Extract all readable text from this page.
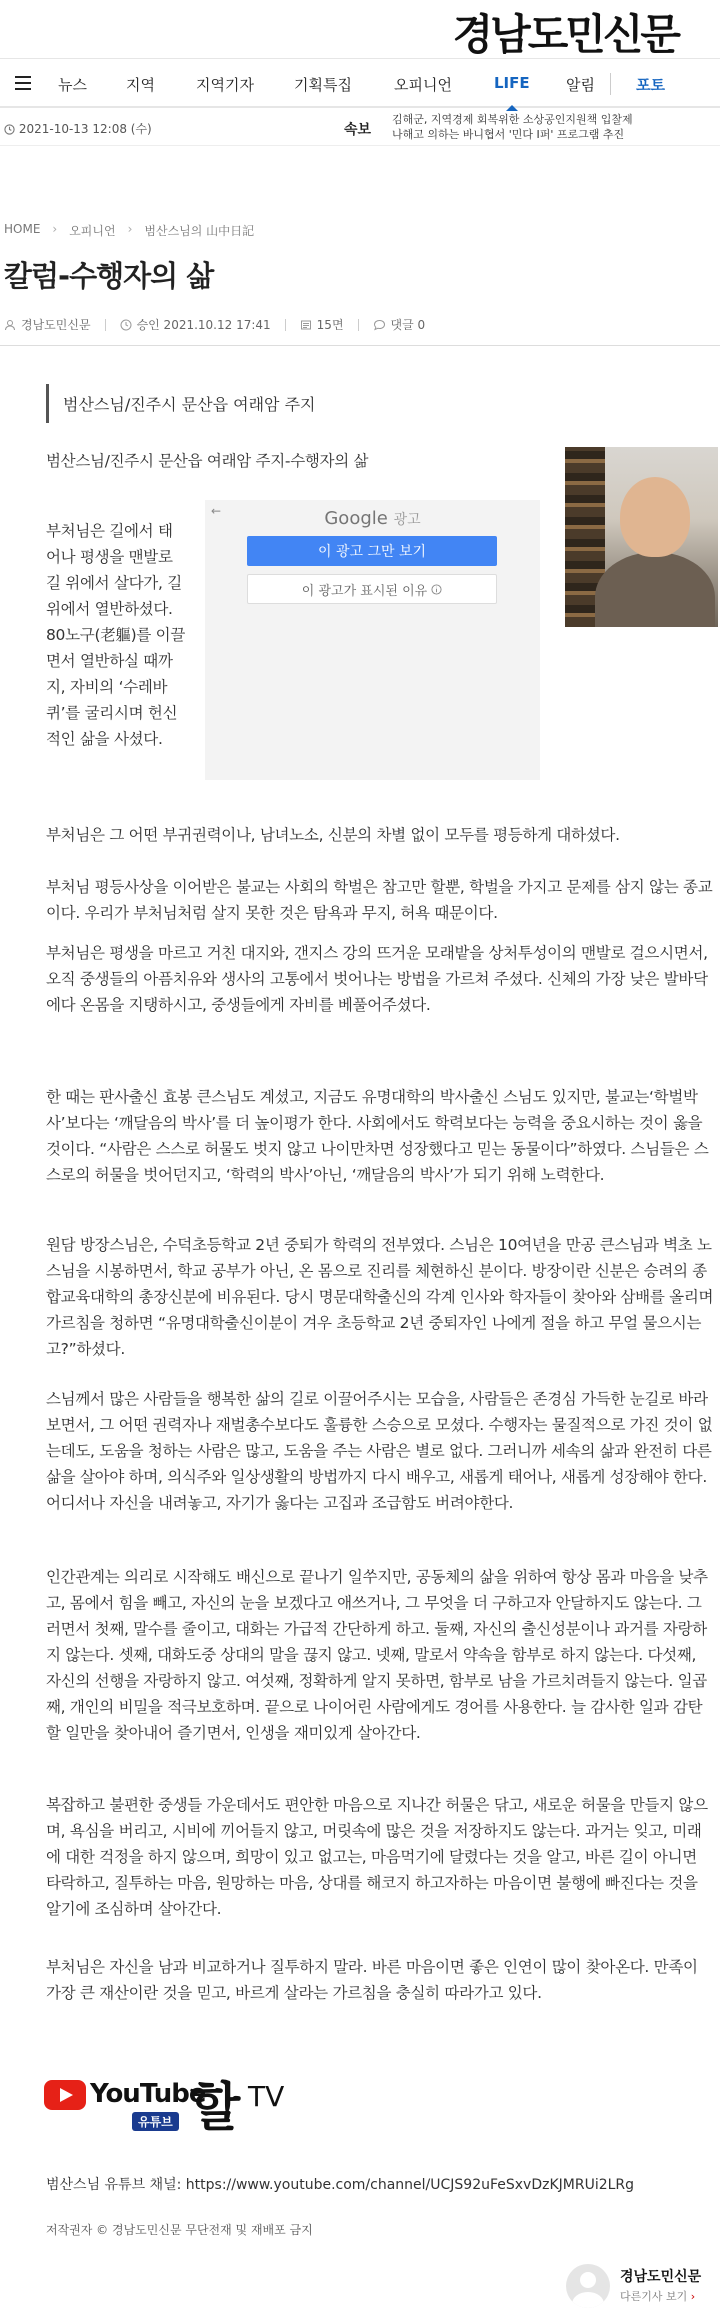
경남도민신문
뉴스	지역	지역기자	기획특집	오피니언	LIFE 알림	포토
2021-10-13 12:08 (수)	속보
김해군, 지역경제 회복위한 소상공인지원책 입찰제
나해고 의하는 바니협서 '민다 I퍼' 프로그램 추진
HOME › 오피니언 › 범산스님의 山中日記
칼럼-수행자의 삶
경남도민신문	승인 2021.10.12 17:41	15면	댓글 0
범산스님/진주시 문산읍 여래암 주지
범산스님/진주시 문산읍 여래암 주지-수행자의 삶
부처님은 길에서 태어나 평생을 맨발로 길 위에서 살다가, 길 위에서 열반하셨다. 80노구(老軀)를 이끌면서 열반하실 때까지, 자비의 ‘수레바퀴’를 굴리시며 헌신적인 삶을 사셨다.
←	Google 광고
이 광고 그만 보기
이 광고가 표시된 이유
부처님은 그 어떤 부귀권력이나, 남녀노소, 신분의 차별 없이 모두를 평등하게 대하셨다.
부처님 평등사상을 이어받은 불교는 사회의 학벌은 참고만 할뿐, 학벌을 가지고 문제를 삼지 않는 종교이다. 우리가 부처님처럼 살지 못한 것은 탐욕과 무지, 허욕 때문이다.
부처님은 평생을 마르고 거친 대지와, 갠지스 강의 뜨거운 모래밭을 상처투성이의 맨발로 걸으시면서, 오직 중생들의 아픔치유와 생사의 고통에서 벗어나는 방법을 가르쳐 주셨다. 신체의 가장 낮은 발바닥에다 온몸을 지탱하시고, 중생들에게 자비를 베풀어주셨다.
한 때는 판사출신 효봉 큰스님도 계셨고, 지금도 유명대학의 박사출신 스님도 있지만, 불교는‘학벌박사’보다는 ‘깨달음의 박사’를 더 높이평가 한다. 사회에서도 학력보다는 능력을 중요시하는 것이 옳을 것이다. “사람은 스스로 허물도 벗지 않고 나이만차면 성장했다고 믿는 동물이다”하였다. 스님들은 스스로의 허물을 벗어던지고, ‘학력의 박사’아닌, ‘깨달음의 박사’가 되기 위해 노력한다.
원담 방장스님은, 수덕초등학교 2년 중퇴가 학력의 전부였다. 스님은 10여년을 만공 큰스님과 벽초 노스님을 시봉하면서, 학교 공부가 아닌, 온 몸으로 진리를 체현하신 분이다. 방장이란 신분은 승려의 종합교육대학의 총장신분에 비유된다. 당시 명문대학출신의 각계 인사와 학자들이 찾아와 삼배를 올리며 가르침을 청하면 “유명대학출신이분이 겨우 초등학교 2년 중퇴자인 나에게 절을 하고 무얼 물으시는고?”하셨다.
스님께서 많은 사람들을 행복한 삶의 길로 이끌어주시는 모습을, 사람들은 존경심 가득한 눈길로 바라보면서, 그 어떤 권력자나 재벌총수보다도 훌륭한 스승으로 모셨다. 수행자는 물질적으로 가진 것이 없는데도, 도움을 청하는 사람은 많고, 도움을 주는 사람은 별로 없다. 그러니까 세속의 삶과 완전히 다른 삶을 살아야 하며, 의식주와 일상생활의 방법까지 다시 배우고, 새롭게 태어나, 새롭게 성장해야 한다. 어디서나 자신을 내려놓고, 자기가 옳다는 고집과 조급함도 버려야한다.
인간관계는 의리로 시작해도 배신으로 끝나기 일쑤지만, 공동체의 삶을 위하여 항상 몸과 마음을 낮추고, 몸에서 힘을 빼고, 자신의 눈을 보겠다고 애쓰거나, 그 무엇을 더 구하고자 안달하지도 않는다. 그러면서 첫째, 말수를 줄이고, 대화는 가급적 간단하게 하고. 둘째, 자신의 출신성분이나 과거를 자랑하지 않는다. 셋째, 대화도중 상대의 말을 끊지 않고. 넷째, 말로서 약속을 함부로 하지 않는다. 다섯째, 자신의 선행을 자랑하지 않고. 여섯째, 정확하게 알지 못하면, 함부로 남을 가르치려들지 않는다. 일곱째, 개인의 비밀을 적극보호하며. 끝으로 나이어린 사람에게도 경어를 사용한다. 늘 감사한 일과 감탄할 일만을 찾아내어 즐기면서, 인생을 재미있게 살아간다.
복잡하고 불편한 중생들 가운데서도 편안한 마음으로 지나간 허물은 닦고, 새로운 허물을 만들지 않으며, 욕심을 버리고, 시비에 끼어들지 않고, 머릿속에 많은 것을 저장하지도 않는다. 과거는 잊고, 미래에 대한 걱정을 하지 않으며, 희망이 있고 없고는, 마음먹기에 달렸다는 것을 알고, 바른 길이 아니면 타락하고, 질투하는 마음, 원망하는 마음, 상대를 해코지 하고자하는 마음이면 불행에 빠진다는 것을 알기에 조심하며 살아간다.
부처님은 자신을 남과 비교하거나 질투하지 말라. 바른 마음이면 좋은 인연이 많이 찾아온다. 만족이 가장 큰 재산이란 것을 믿고, 바르게 살라는 가르침을 충실히 따라가고 있다.
YouTube
유튜브 할 TV
범산스님 유튜브 채널: https://www.youtube.com/channel/UCJS92uFeSxvDzKJMRUi2LRg
저작권자 © 경남도민신문 무단전재 및 재배포 금지
경남도민신문
다른기사 보기 ›
